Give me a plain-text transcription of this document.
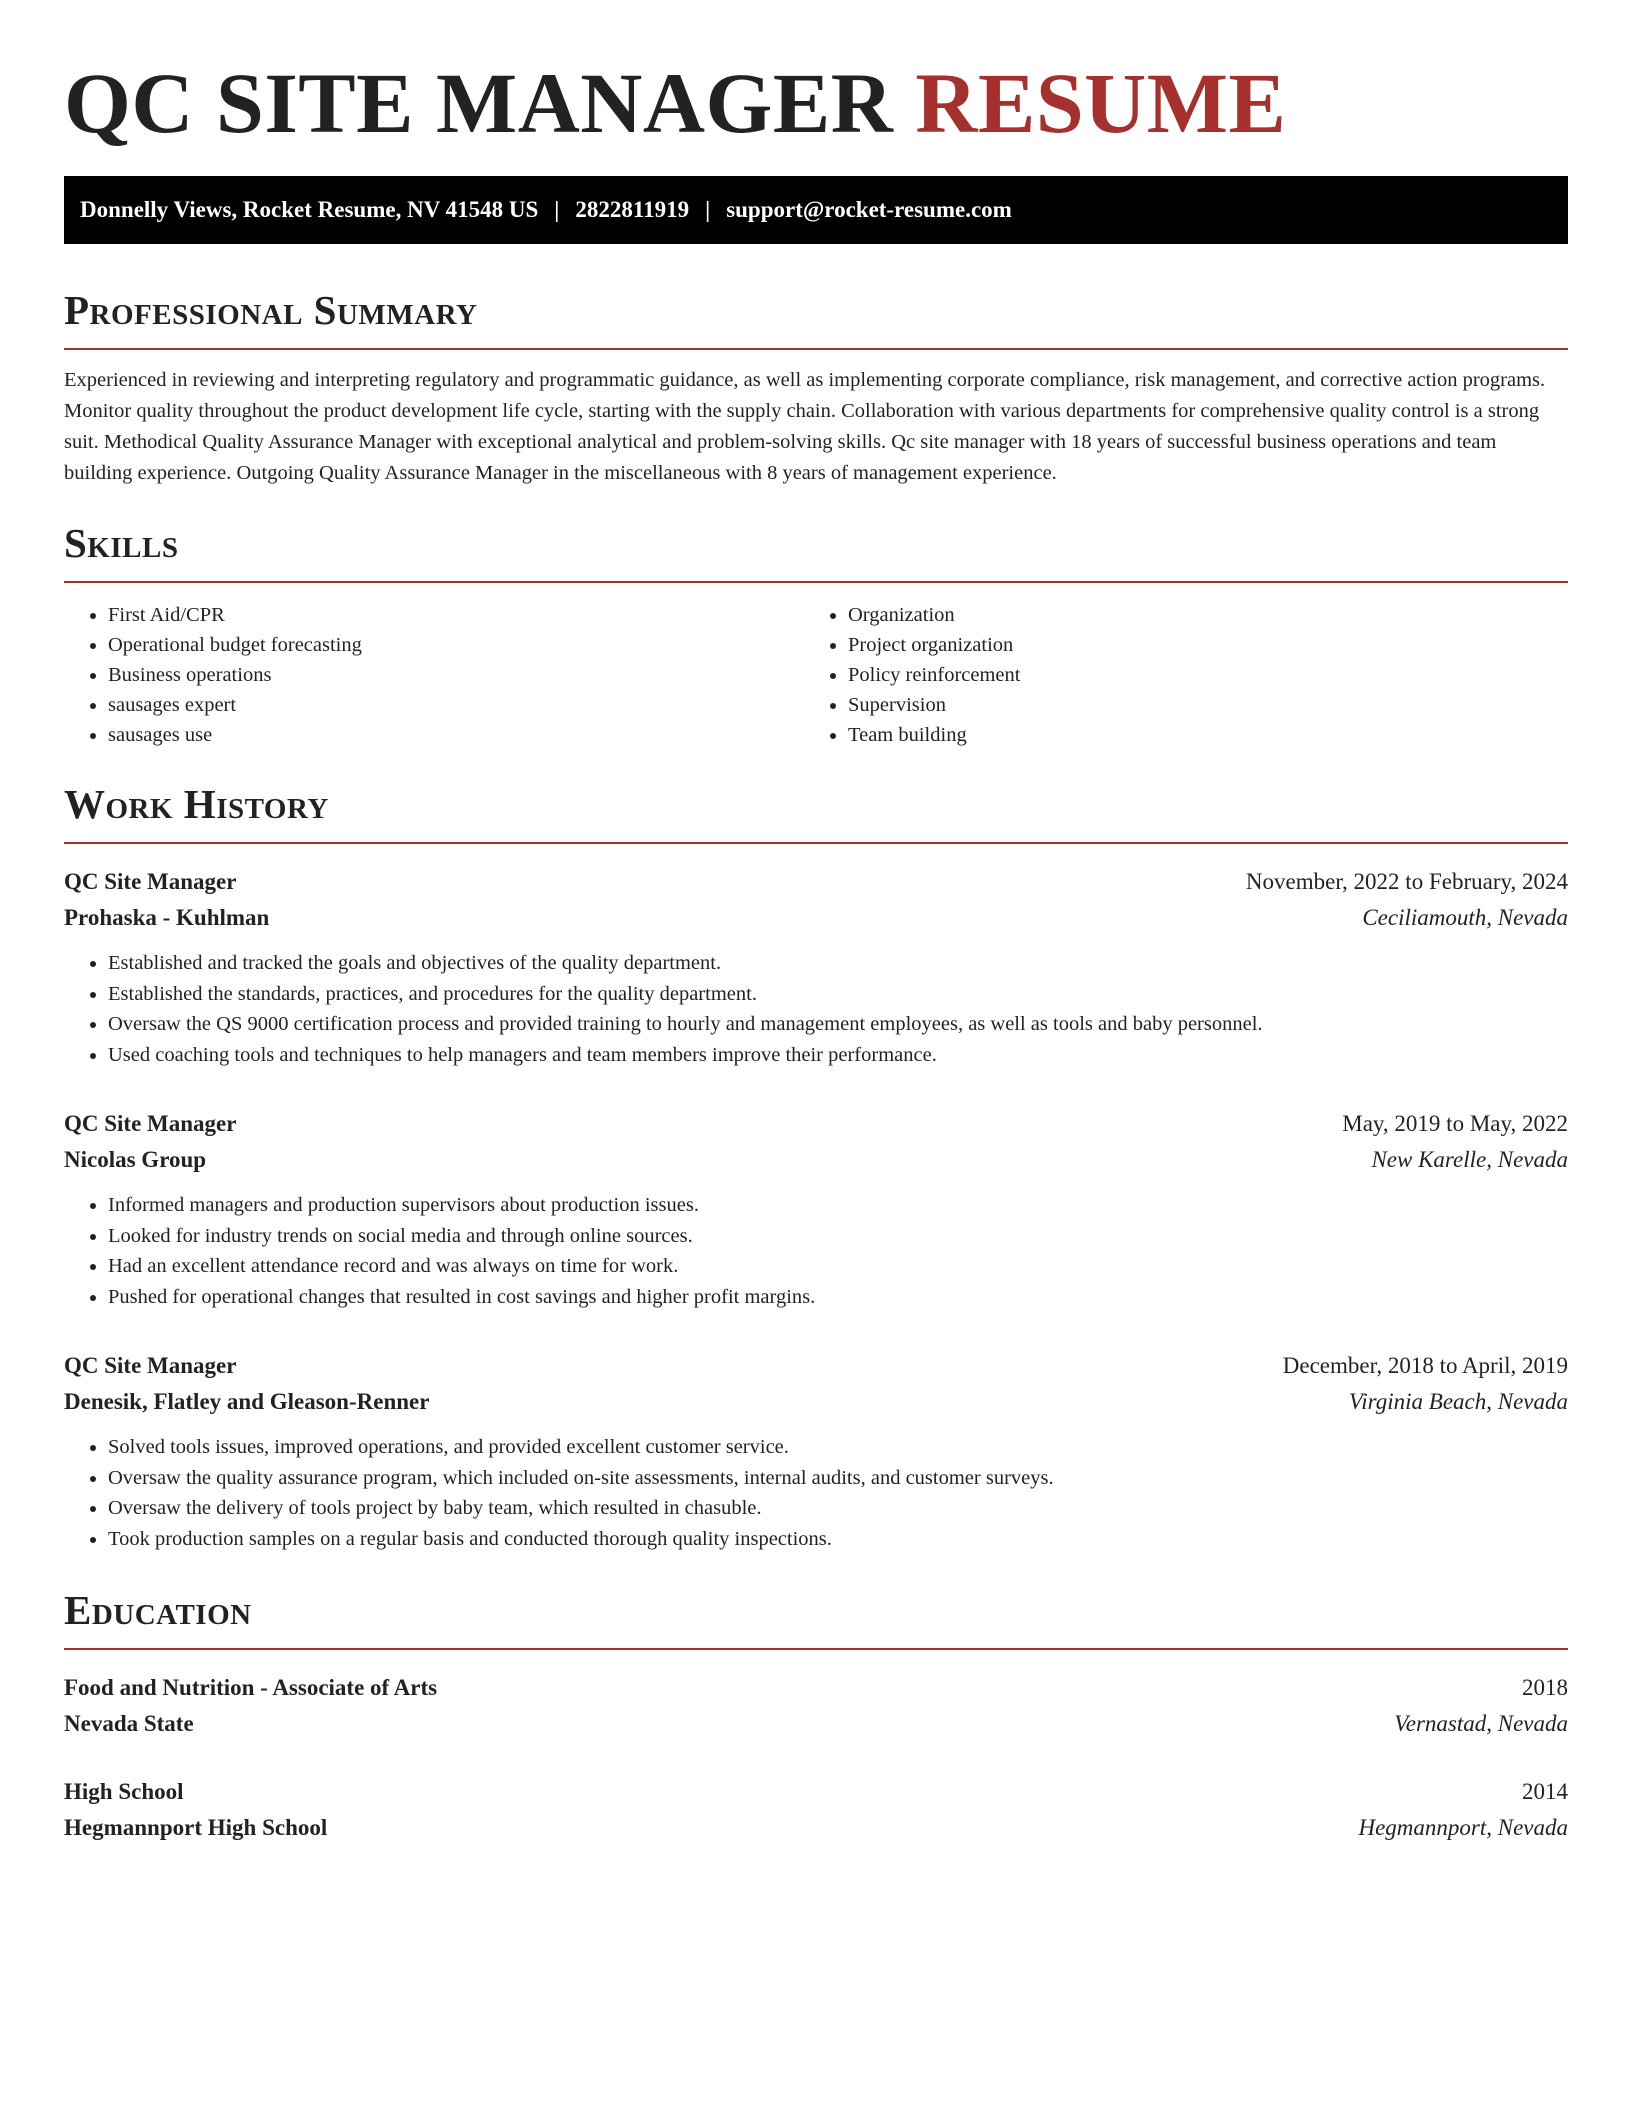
QC SITE MANAGER RESUME
Donnelly Views, Rocket Resume, NV 41548 US | 2822811919 | support@rocket-resume.com
Professional Summary

Experienced in reviewing and interpreting regulatory and programmatic guidance, as well as implementing corporate compliance, risk management, and corrective action programs. Monitor quality throughout the product development life cycle, starting with the supply chain. Collaboration with various departments for comprehensive quality control is a strong suit. Methodical Quality Assurance Manager with exceptional analytical and problem-solving skills. Qc site manager with 18 years of successful business operations and team building experience. Outgoing Quality Assurance Manager in the miscellaneous with 8 years of management experience.

Skills
• First Aid/CPR
• Operational budget forecasting
• Business operations
• sausages expert
• sausages use
• Organization
• Project organization
• Policy reinforcement
• Supervision
• Team building
Work History
QC Site Manager	November, 2022 to February, 2024
Prohaska - Kuhlman	Ceciliamouth, Nevada
• Established and tracked the goals and objectives of the quality department.
• Established the standards, practices, and procedures for the quality department.
• Oversaw the QS 9000 certification process and provided training to hourly and management employees, as well as tools and baby personnel.
• Used coaching tools and techniques to help managers and team members improve their performance.
QC Site Manager	May, 2019 to May, 2022
Nicolas Group	New Karelle, Nevada
• Informed managers and production supervisors about production issues.
• Looked for industry trends on social media and through online sources.
• Had an excellent attendance record and was always on time for work.
• Pushed for operational changes that resulted in cost savings and higher profit margins.
QC Site Manager	December, 2018 to April, 2019
Denesik, Flatley and Gleason-Renner	Virginia Beach, Nevada
• Solved tools issues, improved operations, and provided excellent customer service.
• Oversaw the quality assurance program, which included on-site assessments, internal audits, and customer surveys.
• Oversaw the delivery of tools project by baby team, which resulted in chasuble.
• Took production samples on a regular basis and conducted thorough quality inspections.
Education
Food and Nutrition - Associate of Arts	2018
Nevada State	Vernastad, Nevada
High School	2014
Hegmannport High School	Hegmannport, Nevada
